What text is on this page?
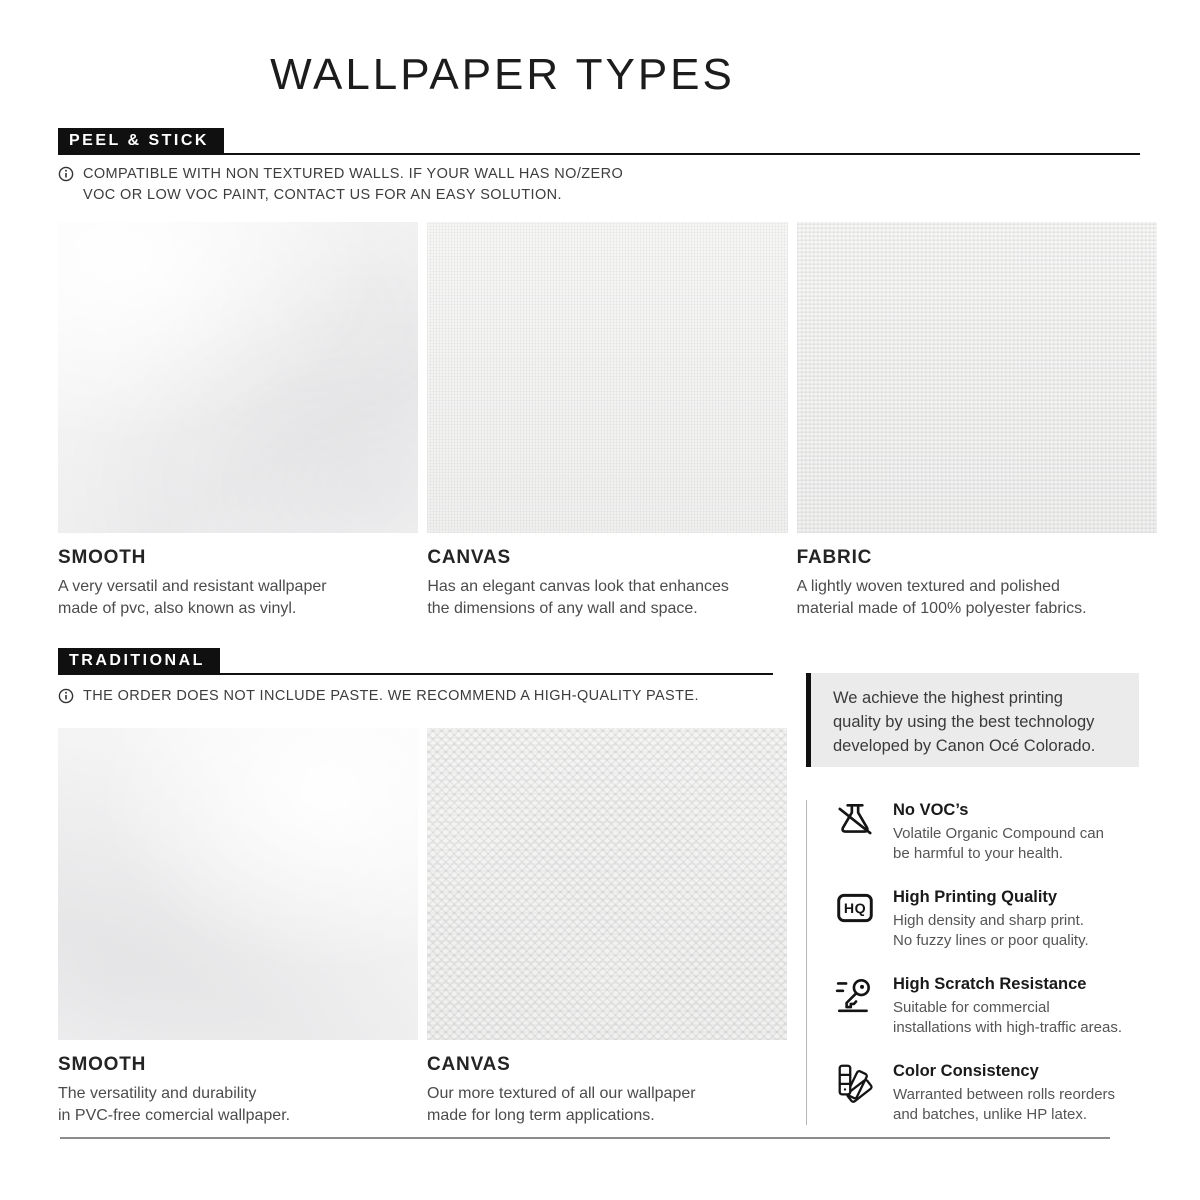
WALLPAPER TYPES
PEEL & STICK
COMPATIBLE WITH NON TEXTURED WALLS. IF YOUR WALL HAS NO/ZERO
VOC OR LOW VOC PAINT, CONTACT US FOR AN EASY SOLUTION.
SMOOTH

A very versatil and resistant wallpaper
made of pvc, also known as vinyl.

CANVAS

Has an elegant canvas look that enhances
the dimensions of any wall and space.

FABRIC

A lightly woven textured and polished
material made of 100% polyester fabrics.

TRADITIONAL
THE ORDER DOES NOT INCLUDE PASTE. WE RECOMMEND A HIGH-QUALITY PASTE.
SMOOTH

The versatility and durability
in PVC-free comercial wallpaper.

CANVAS

Our more textured of all our wallpaper
made for long term applications.

We achieve the highest printing
quality by using the best technology
developed by Canon Océ Colorado.
No VOC’s
Volatile Organic Compound can
be harmful to your health.
HQ
High Printing Quality
High density and sharp print.
No fuzzy lines or poor quality.
High Scratch Resistance
Suitable for commercial
installations with high-traffic areas.
Color Consistency
Warranted between rolls reorders
and batches, unlike HP latex.
